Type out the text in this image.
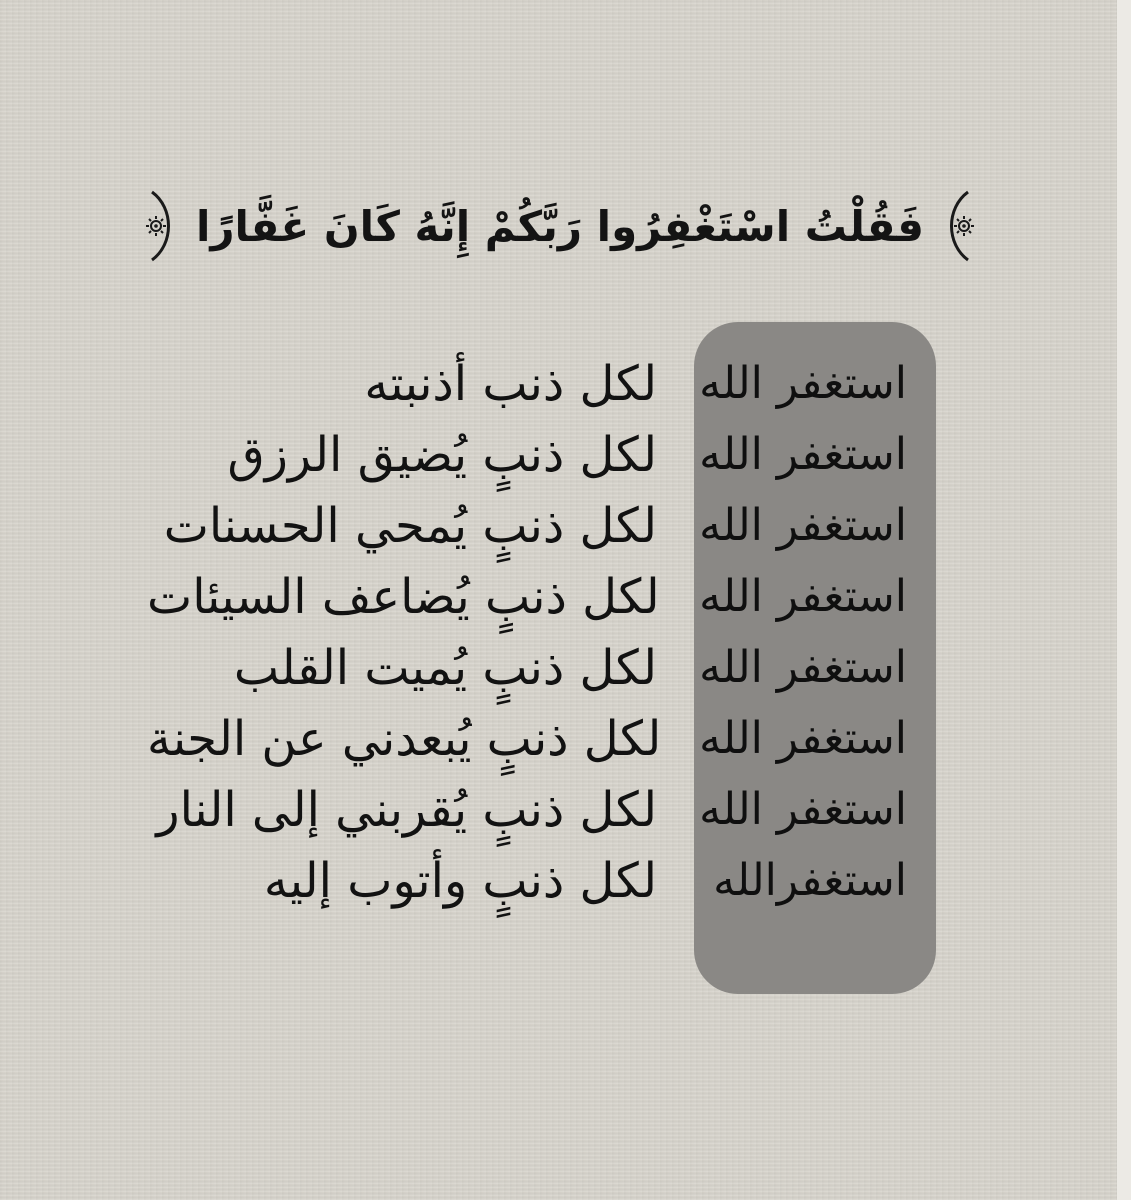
فَقُلْتُ اسْتَغْفِرُوا رَبَّكُمْ إِنَّهُ كَانَ غَفَّارًا
استغفر الله
لكل ذنب أذنبته
استغفر الله
لكل ذنبٍ يُضيق الرزق
استغفر الله
لكل ذنبٍ يُمحي الحسنات
استغفر الله
لكل ذنبٍ يُضاعف السيئات
استغفر الله
لكل ذنبٍ يُميت القلب
استغفر الله
لكل ذنبٍ يُبعدني عن الجنة
استغفر الله
لكل ذنبٍ يُقربني إلى النار
استغفرالله
لكل ذنبٍ وأتوب إليه
